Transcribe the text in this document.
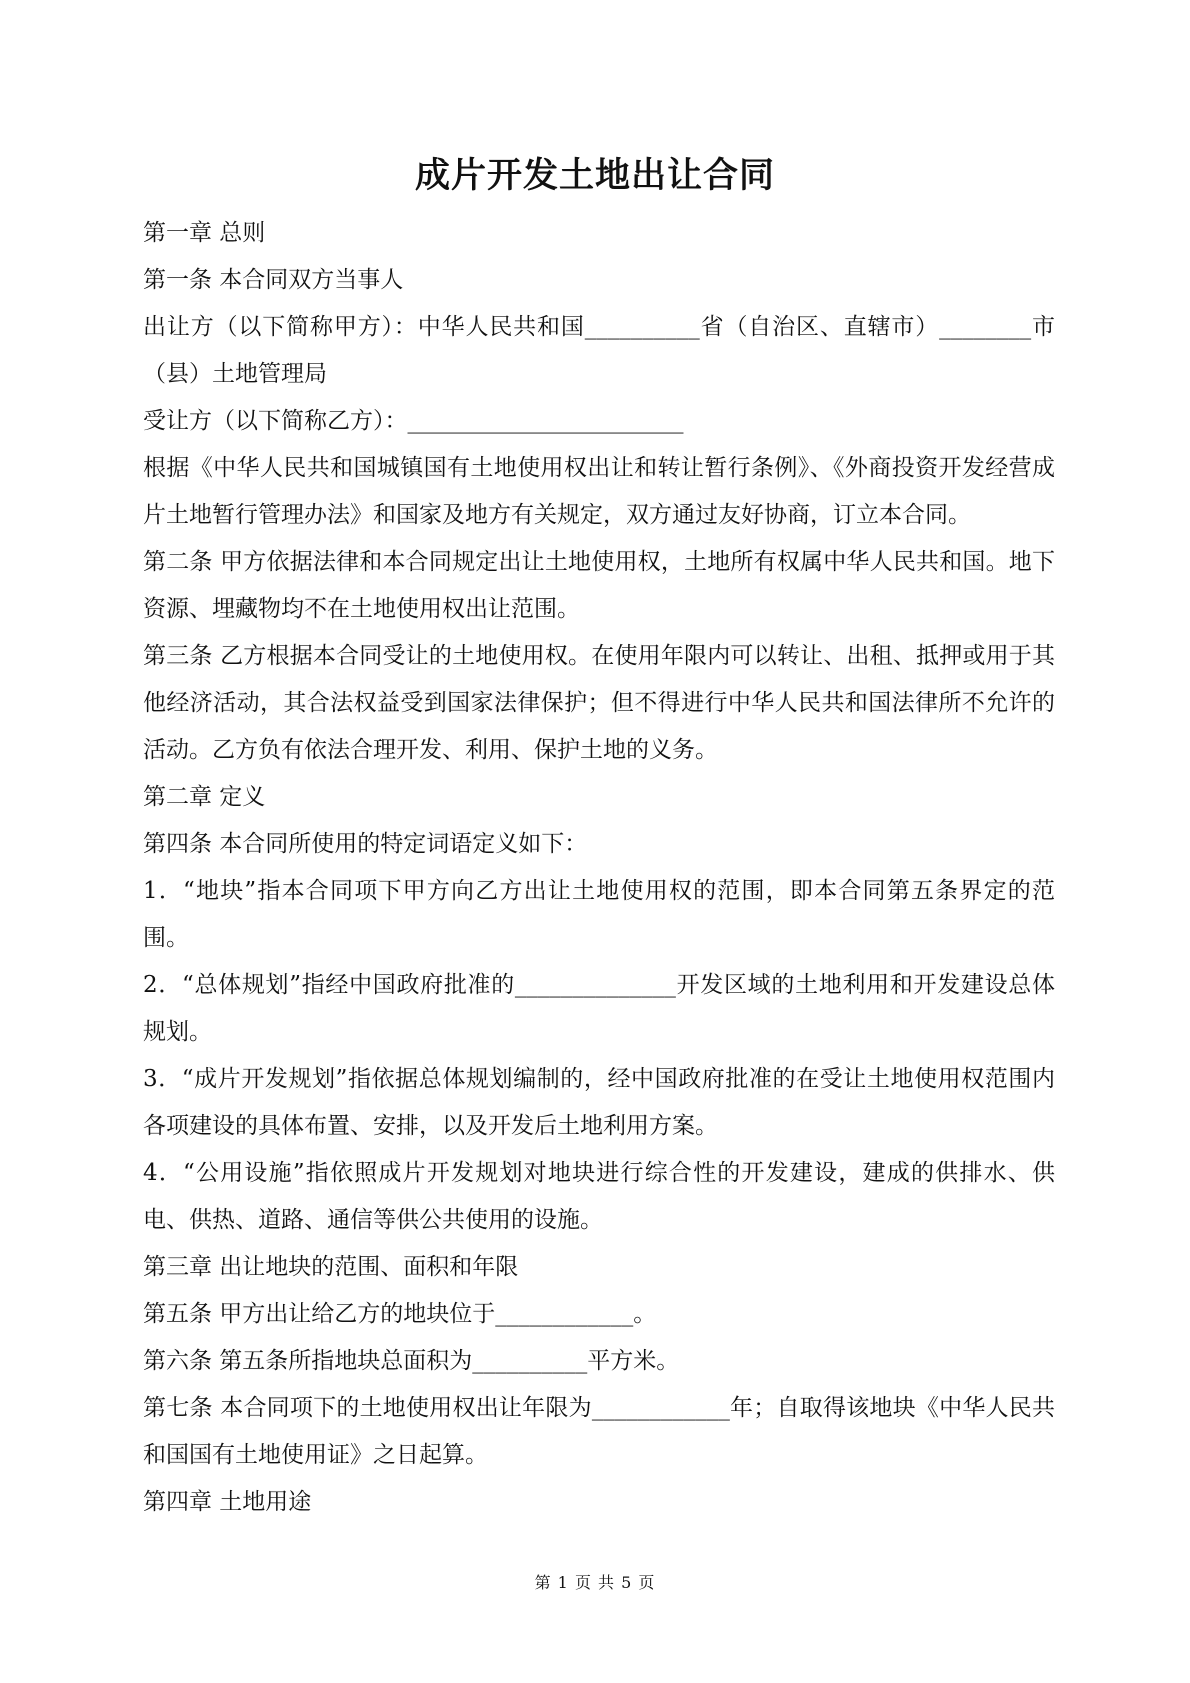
成片开发土地出让合同

第一章 总则

第一条 本合同双方当事人

出让方（以下简称甲方）：中华人民共和国__________省（自治区、直辖市）________市（县）土地管理局

受让方（以下简称乙方）：________________________

根据《中华人民共和国城镇国有土地使用权出让和转让暂行条例》、《外商投资开发经营成片土地暂行管理办法》和国家及地方有关规定，双方通过友好协商，订立本合同。

第二条 甲方依据法律和本合同规定出让土地使用权，土地所有权属中华人民共和国。地下资源、埋藏物均不在土地使用权出让范围。

第三条 乙方根据本合同受让的土地使用权。在使用年限内可以转让、出租、抵押或用于其他经济活动，其合法权益受到国家法律保护；但不得进行中华人民共和国法律所不允许的活动。乙方负有依法合理开发、利用、保护土地的义务。

第二章 定义

第四条 本合同所使用的特定词语定义如下：

1．“地块”指本合同项下甲方向乙方出让土地使用权的范围，即本合同第五条界定的范围。

2．“总体规划”指经中国政府批准的______________开发区域的土地利用和开发建设总体规划。

3．“成片开发规划”指依据总体规划编制的，经中国政府批准的在受让土地使用权范围内各项建设的具体布置、安排，以及开发后土地利用方案。

4．“公用设施”指依照成片开发规划对地块进行综合性的开发建设，建成的供排水、供电、供热、道路、通信等供公共使用的设施。

第三章 出让地块的范围、面积和年限

第五条 甲方出让给乙方的地块位于____________。

第六条 第五条所指地块总面积为__________平方米。

第七条 本合同项下的土地使用权出让年限为____________年；自取得该地块《中华人民共和国国有土地使用证》之日起算。

第四章 土地用途

第 1 页 共 5 页
